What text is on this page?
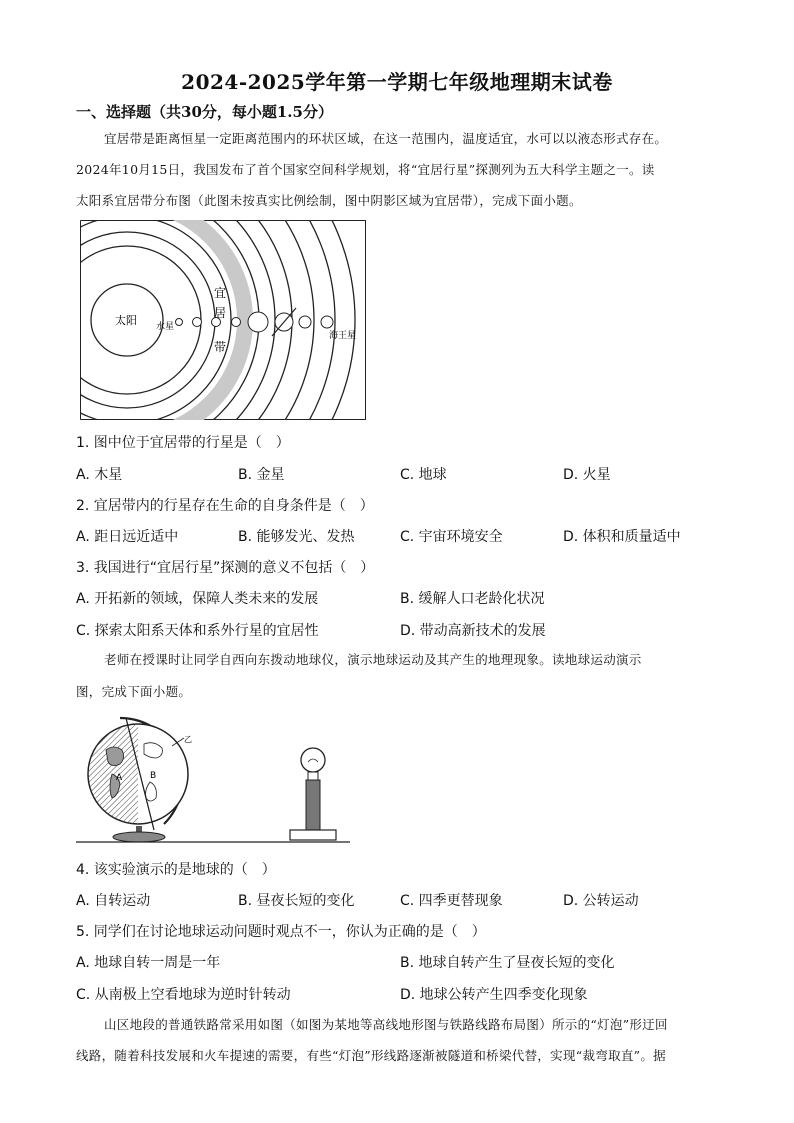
2024-2025学年第一学期七年级地理期末试卷
一、选择题（共30分，每小题1.5分）
宜居带是距离恒星一定距离范围内的环状区域，在这一范围内，温度适宜，水可以以液态形式存在。
2024年10月15日，我国发布了首个国家空间科学规划，将“宜居行星”探测列为五大科学主题之一。读
太阳系宜居带分布图（此图未按真实比例绘制，图中阴影区域为宜居带），完成下面小题。
太阳 水星
海王星
宜
居
带
1. 图中位于宜居带的行星是（　）
A. 木星	B. 金星	C. 地球	D. 火星
2. 宜居带内的行星存在生命的自身条件是（　）
A. 距日远近适中	B. 能够发光、发热	C. 宇宙环境安全	D. 体积和质量适中
3. 我国进行“宜居行星”探测的意义不包括（　）
A. 开拓新的领域，保障人类未来的发展	B. 缓解人口老龄化状况
C. 探索太阳系天体和系外行星的宜居性	D. 带动高新技术的发展
老师在授课时让同学自西向东拨动地球仪，演示地球运动及其产生的地理现象。读地球运动演示
图，完成下面小题。
A	B
乙
4. 该实验演示的是地球的（　）
A. 自转运动	B. 昼夜长短的变化	C. 四季更替现象	D. 公转运动
5. 同学们在讨论地球运动问题时观点不一，你认为正确的是（　）
A. 地球自转一周是一年	B. 地球自转产生了昼夜长短的变化
C. 从南极上空看地球为逆时针转动	D. 地球公转产生四季变化现象
山区地段的普通铁路常采用如图（如图为某地等高线地形图与铁路线路布局图）所示的“灯泡”形迂回
线路，随着科技发展和火车提速的需要，有些“灯泡”形线路逐渐被隧道和桥梁代替，实现“裁弯取直”。据
